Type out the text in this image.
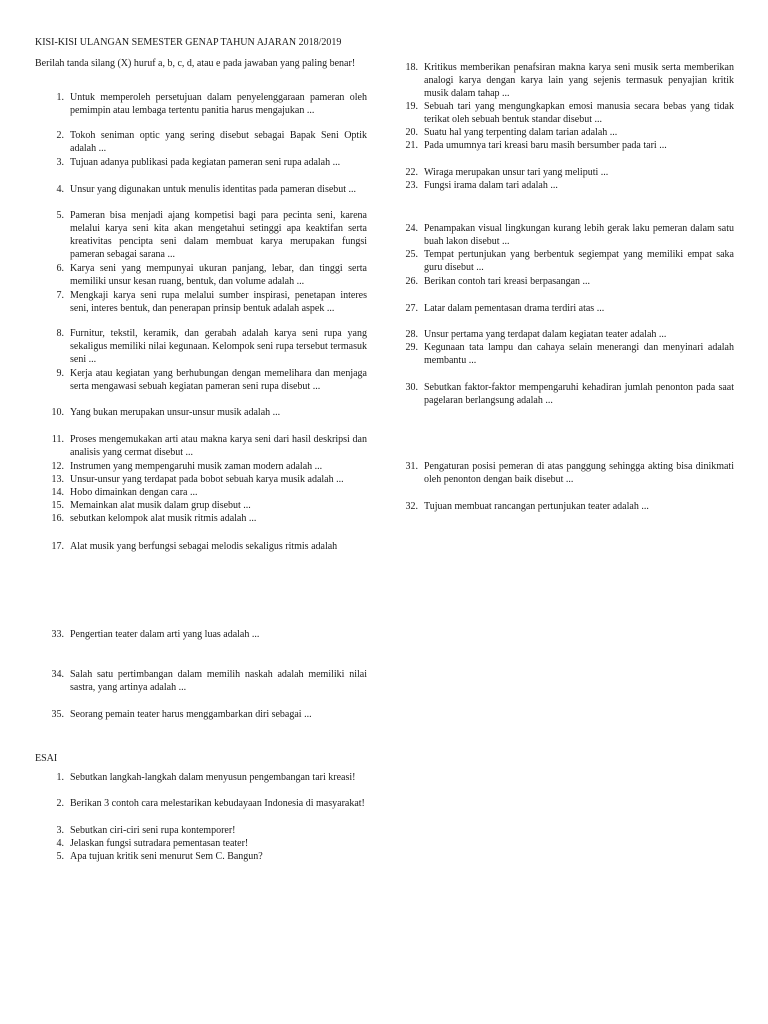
KISI-KISI ULANGAN SEMESTER GENAP TAHUN AJARAN 2018/2019
Berilah tanda silang (X) huruf a, b, c, d, atau e pada jawaban yang paling benar!
1. Untuk memperoleh persetujuan dalam penyelenggaraan pameran oleh pemimpin atau lembaga tertentu panitia harus mengajukan ...
2. Tokoh seniman optic yang sering disebut sebagai Bapak Seni Optik adalah ...
3. Tujuan adanya publikasi pada kegiatan pameran seni rupa adalah ...
4. Unsur yang digunakan untuk menulis identitas pada pameran disebut ...
5. Pameran bisa menjadi ajang kompetisi bagi para pecinta seni, karena melalui karya seni kita akan mengetahui setinggi apa keaktifan serta kreativitas pencipta seni dalam membuat karya merupakan fungsi pameran sebagai sarana ...
6. Karya seni yang mempunyai ukuran panjang, lebar, dan tinggi serta memiliki unsur kesan ruang, bentuk, dan volume adalah ...
7. Mengkaji karya seni rupa melalui sumber inspirasi, penetapan interes seni, interes bentuk, dan penerapan prinsip bentuk adalah aspek ...
8. Furnitur, tekstil, keramik, dan gerabah adalah karya seni rupa yang sekaligus memiliki nilai kegunaan. Kelompok seni rupa tersebut termasuk seni ...
9. Kerja atau kegiatan yang berhubungan dengan memelihara dan menjaga serta mengawasi sebuah kegiatan pameran seni rupa disebut ...
10. Yang bukan merupakan unsur-unsur musik adalah ...
11. Proses mengemukakan arti atau makna karya seni dari hasil deskripsi dan analisis yang cermat disebut ...
12. Instrumen yang mempengaruhi musik zaman modern adalah ...
13. Unsur-unsur yang terdapat pada bobot sebuah karya musik adalah ...
14. Hobo dimainkan dengan cara ...
15. Memainkan alat musik dalam grup disebut ...
16. sebutkan kelompok alat musik ritmis adalah ...
17. Alat musik yang berfungsi sebagai melodis sekaligus ritmis adalah
33. Pengertian teater dalam arti yang luas adalah ...
34. Salah satu pertimbangan dalam memilih naskah adalah memiliki nilai sastra, yang artinya adalah ...
35. Seorang pemain teater harus menggambarkan diri sebagai ...
18. Kritikus memberikan penafsiran makna karya seni musik serta memberikan analogi karya dengan karya lain yang sejenis termasuk penyajian kritik musik dalam tahap ...
19. Sebuah tari yang mengungkapkan emosi manusia secara bebas yang tidak terikat oleh sebuah bentuk standar disebut ...
20. Suatu hal yang terpenting dalam tarian adalah ...
21. Pada umumnya tari kreasi baru masih bersumber pada tari ...
22. Wiraga merupakan unsur tari yang meliputi ...
23. Fungsi irama dalam tari adalah ...
24. Penampakan visual lingkungan kurang lebih gerak laku pemeran dalam satu buah lakon disebut ...
25. Tempat pertunjukan yang berbentuk segiempat yang memiliki empat saka guru disebut ...
26. Berikan contoh tari kreasi berpasangan ...
27. Latar dalam pementasan drama terdiri atas ...
28. Unsur pertama yang terdapat dalam kegiatan teater adalah ...
29. Kegunaan tata lampu dan cahaya selain menerangi dan menyinari adalah membantu ...
30. Sebutkan faktor-faktor mempengaruhi kehadiran jumlah penonton pada saat pagelaran berlangsung adalah ...
31. Pengaturan posisi pemeran di atas panggung sehingga akting bisa dinikmati oleh penonton dengan baik disebut ...
32. Tujuan membuat rancangan pertunjukan teater adalah ...
ESAI
1. Sebutkan langkah-langkah dalam menyusun pengembangan tari kreasi!
2. Berikan 3 contoh cara melestarikan kebudayaan Indonesia di masyarakat!
3. Sebutkan ciri-ciri seni rupa kontemporer!
4. Jelaskan fungsi sutradara pementasan teater!
5. Apa tujuan kritik seni menurut Sem C. Bangun?
